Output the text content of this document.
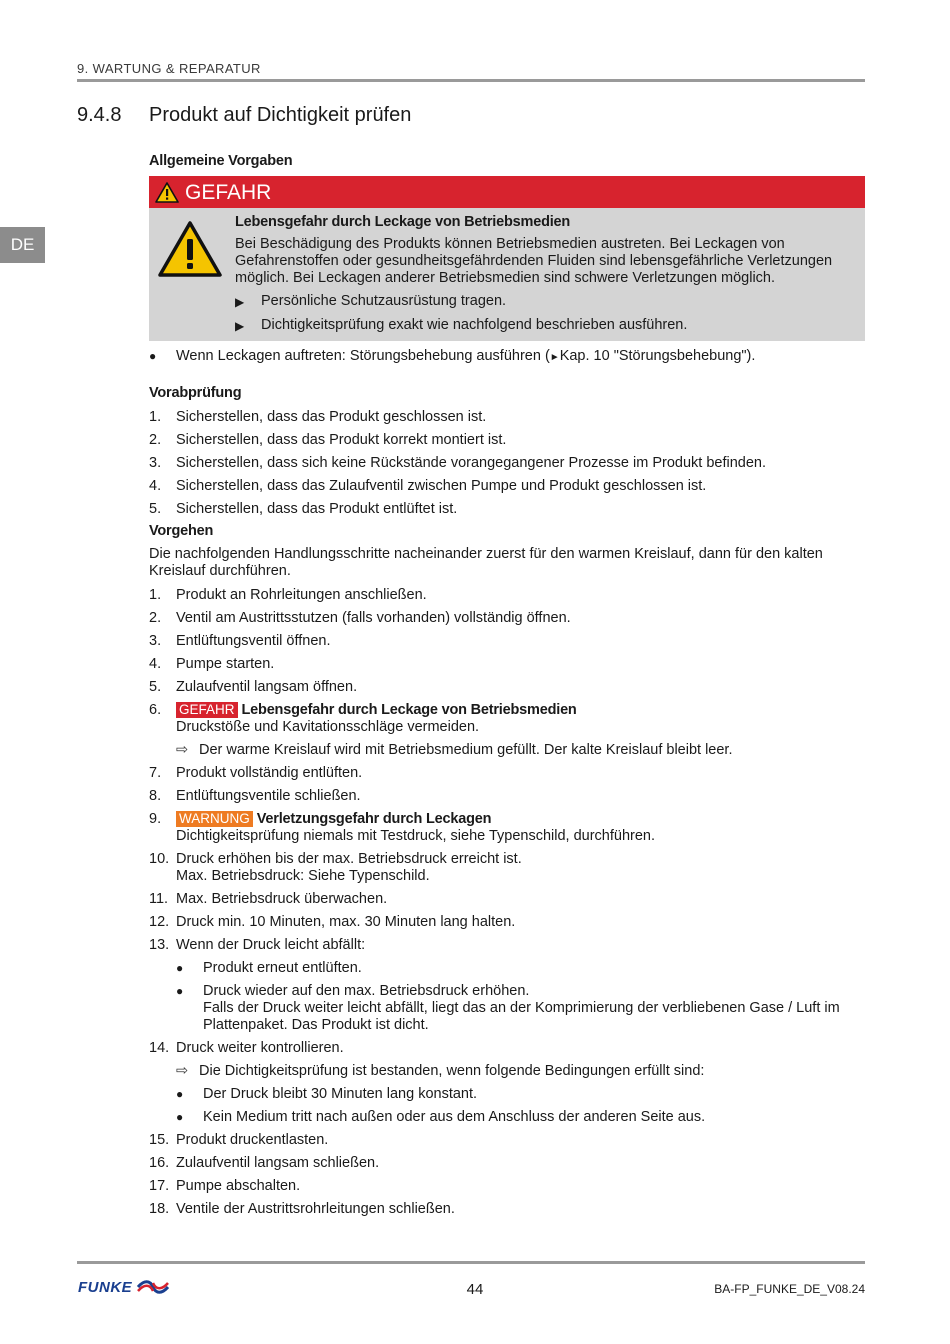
9. WARTUNG & REPARATUR
DE
9.4.8 Produkt auf Dichtigkeit prüfen
Allgemeine Vorgaben
GEFAHR

Lebensgefahr durch Leckage von Betriebsmedien

Bei Beschädigung des Produkts können Betriebsmedien austreten. Bei Leckagen von Gefahrenstoffen oder gesundheitsgefährdenden Fluiden sind lebensgefährliche Verletzungen möglich. Bei Leckagen anderer Betriebsmedien sind schwere Verletzungen möglich.

▶	Persönliche Schutzausrüstung tragen.
▶	Dichtigkeitsprüfung exakt wie nachfolgend beschrieben ausführen.
●	Wenn Leckagen auftreten: Störungsbehebung ausführen (►Kap. 10 "Störungsbehebung").
Vorabprüfung
1.	Sicherstellen, dass das Produkt geschlossen ist.
2.	Sicherstellen, dass das Produkt korrekt montiert ist.
3.	Sicherstellen, dass sich keine Rückstände vorangegangener Prozesse im Produkt befinden.
4.	Sicherstellen, dass das Zulaufventil zwischen Pumpe und Produkt geschlossen ist.
5.	Sicherstellen, dass das Produkt entlüftet ist.
Vorgehen

Die nachfolgenden Handlungsschritte nacheinander zuerst für den warmen Kreislauf, dann für den kalten Kreislauf durchführen.

1.	Produkt an Rohrleitungen anschließen.
2.	Ventil am Austrittsstutzen (falls vorhanden) vollständig öffnen.
3.	Entlüftungsventil öffnen.
4.	Pumpe starten.
5.	Zulaufventil langsam öffnen.
6.	GEFAHR Lebensgefahr durch Leckage von Betriebsmedien
Druckstöße und Kavitationsschläge vermeiden.
⇨ Der warme Kreislauf wird mit Betriebsmedium gefüllt. Der kalte Kreislauf bleibt leer.
7.	Produkt vollständig entlüften.
8.	Entlüftungsventile schließen.
9.	WARNUNG Verletzungsgefahr durch Leckagen
Dichtigkeitsprüfung niemals mit Testdruck, siehe Typenschild, durchführen.
10. Druck erhöhen bis der max. Betriebsdruck erreicht ist.
Max. Betriebsdruck: Siehe Typenschild.
11. Max. Betriebsdruck überwachen.
12. Druck min. 10 Minuten, max. 30 Minuten lang halten.
13. Wenn der Druck leicht abfällt:
●	Produkt erneut entlüften.
●	Druck wieder auf den max. Betriebsdruck erhöhen.
Falls der Druck weiter leicht abfällt, liegt das an der Komprimierung der verbliebenen Gase / Luft im Plattenpaket. Das Produkt ist dicht.
14. Druck weiter kontrollieren.
⇨ Die Dichtigkeitsprüfung ist bestanden, wenn folgende Bedingungen erfüllt sind:
●	Der Druck bleibt 30 Minuten lang konstant.
●	Kein Medium tritt nach außen oder aus dem Anschluss der anderen Seite aus.
15. Produkt druckentlasten.
16. Zulaufventil langsam schließen.
17. Pumpe abschalten.
18. Ventile der Austrittsrohrleitungen schließen.
FUNKE	44	BA-FP_FUNKE_DE_V08.24
